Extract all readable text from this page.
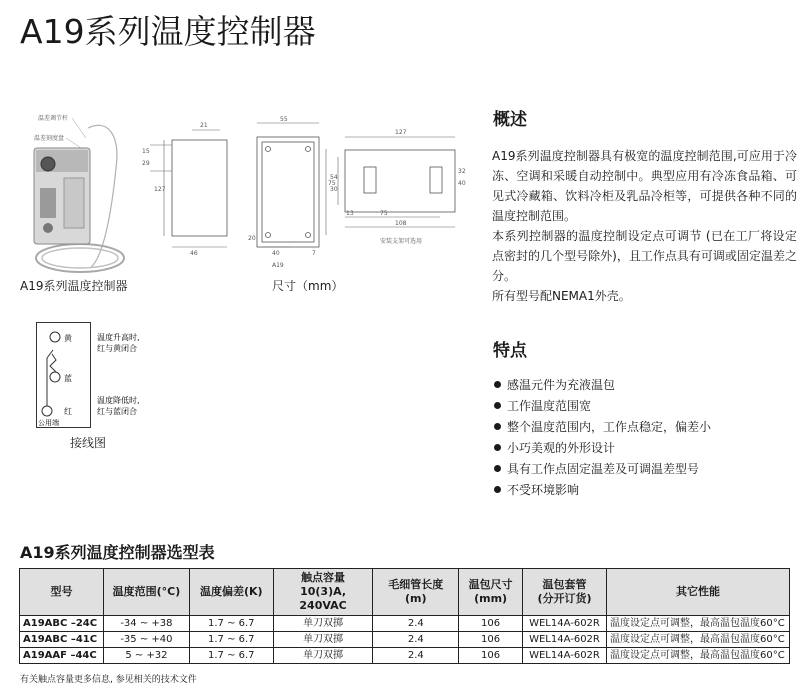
A19系列温度控制器
温差调节杆
温差刻度盘
A19系列温度控制器
15
29
21
127
46
55
75
40
20
7
A19
127
54
30
32
40
13	75
108
安装支架可选用
尺寸（mm）
黄
蓝
红
公用端
温度升高时,
红与黄闭合
温度降低时,
红与蓝闭合
接线图
概述

A19系列温度控制器具有极宽的温度控制范围,可应用于冷冻、空调和采暖自动控制中。典型应用有冷冻食品箱、可见式冷藏箱、饮料冷柜及乳品冷柜等，可提供各种不同的温度控制范围。

本系列控制器的温度控制设定点可调节 (已在工厂将设定点密封的几个型号除外)，且工作点具有可调或固定温差之分。

所有型号配NEMA1外壳。

特点
感温元件为充液温包
工作温度范围宽
整个温度范围内，工作点稳定，偏差小
小巧美观的外形设计
具有工作点固定温差及可调温差型号
不受环境影响
A19系列温度控制器选型表
型号	温度范围(°C)	温度偏差(K)	触点容量
10(3)A, 240VAC	毛细管长度
(m)	温包尺寸
(mm)	温包套管
(分开订货)	其它性能
A19ABC –24C	-34 ~ +38	1.7 ~ 6.7	单刀双掷	2.4	106	WEL14A-602R	温度设定点可调整，最高温包温度60°C
A19ABC –41C	-35 ~ +40	1.7 ~ 6.7	单刀双掷	2.4	106	WEL14A-602R	温度设定点可调整，最高温包温度60°C
A19AAF –44C	5 ~ +32	1.7 ~ 6.7	单刀双掷	2.4	106	WEL14A-602R	温度设定点可调整，最高温包温度60°C
有关触点容量更多信息, 参见相关的技术文件
